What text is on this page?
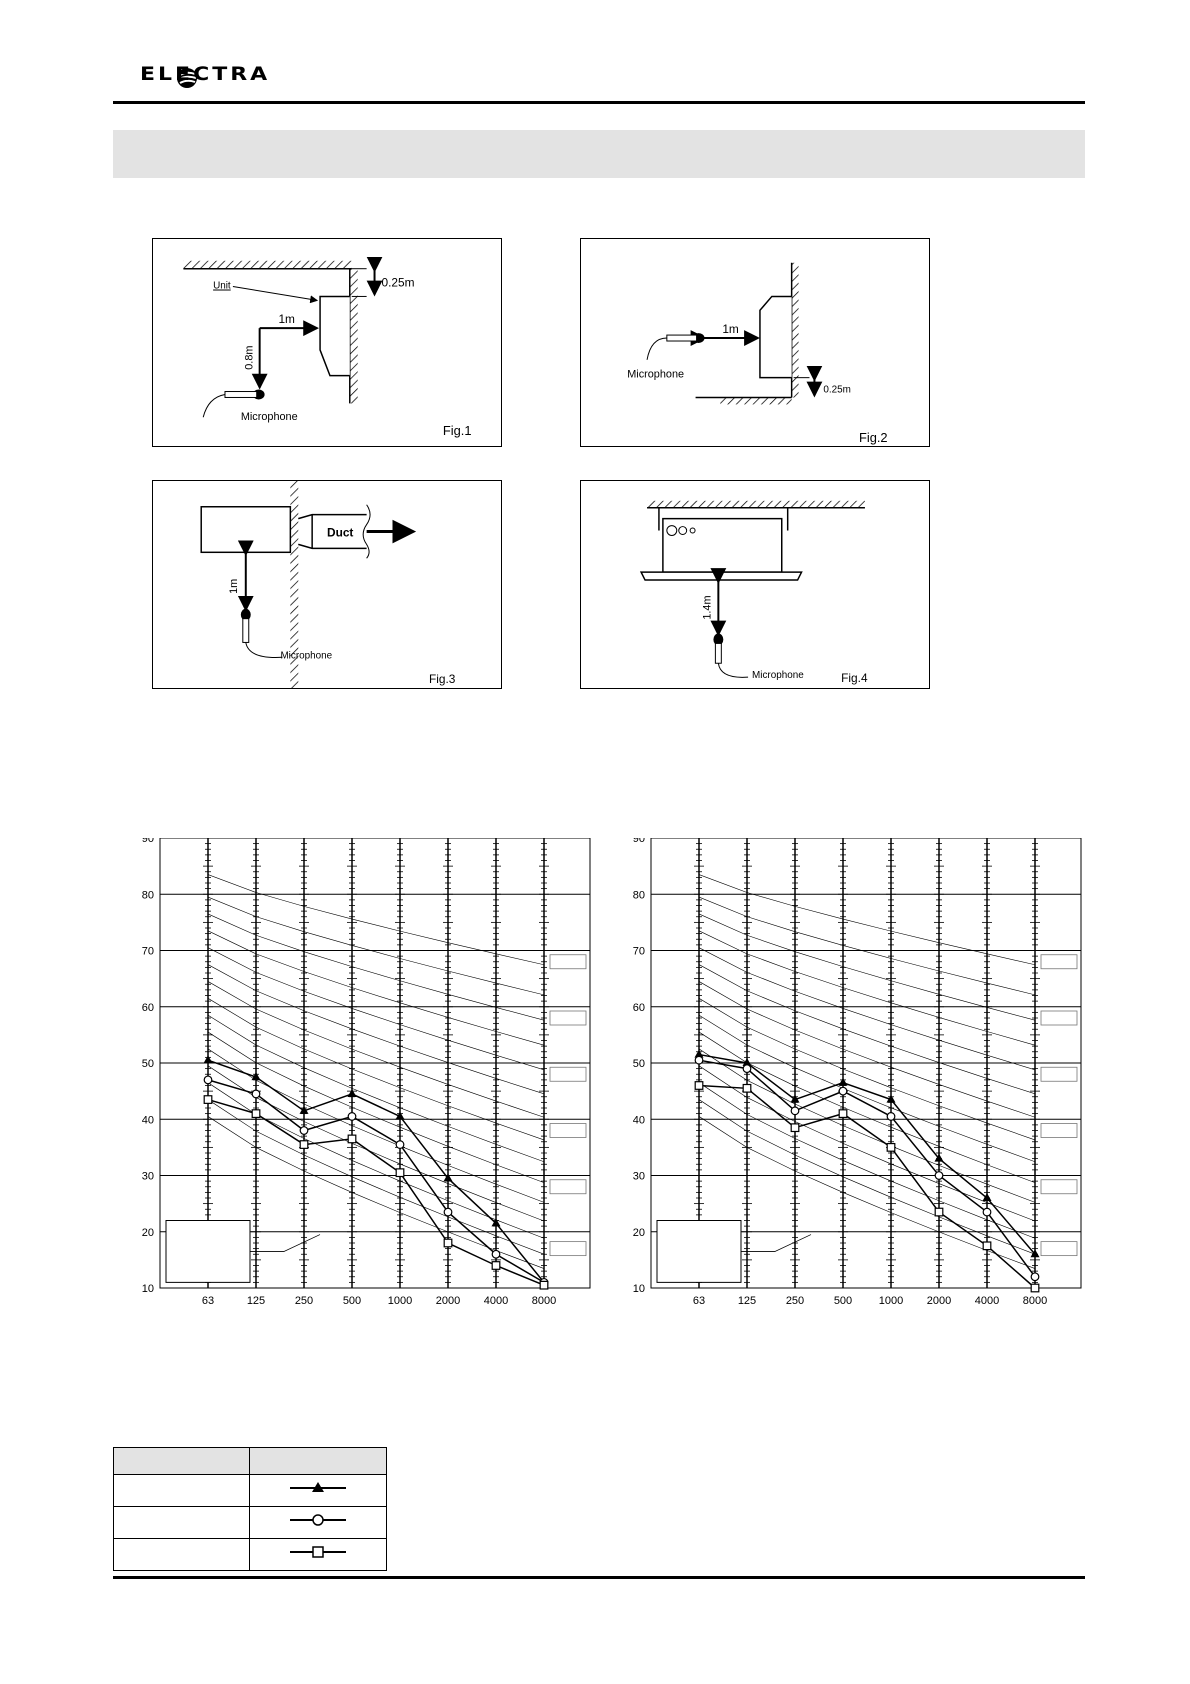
ELECTRA
0.25m
Unit
1m
0.8m
Microphone
Fig.1
1m
0.25m
Microphone
Fig.2
Duct
1m
Microphone
Fig.3
1.4m
Microphone	Fig.4
10
20
30
40
50
60
70
80
90
63	125	250	500 1000 2000 4000 8000
10
20
30
40
50
60
70
80
90
63	125	250	500 1000 2000 4000 8000
